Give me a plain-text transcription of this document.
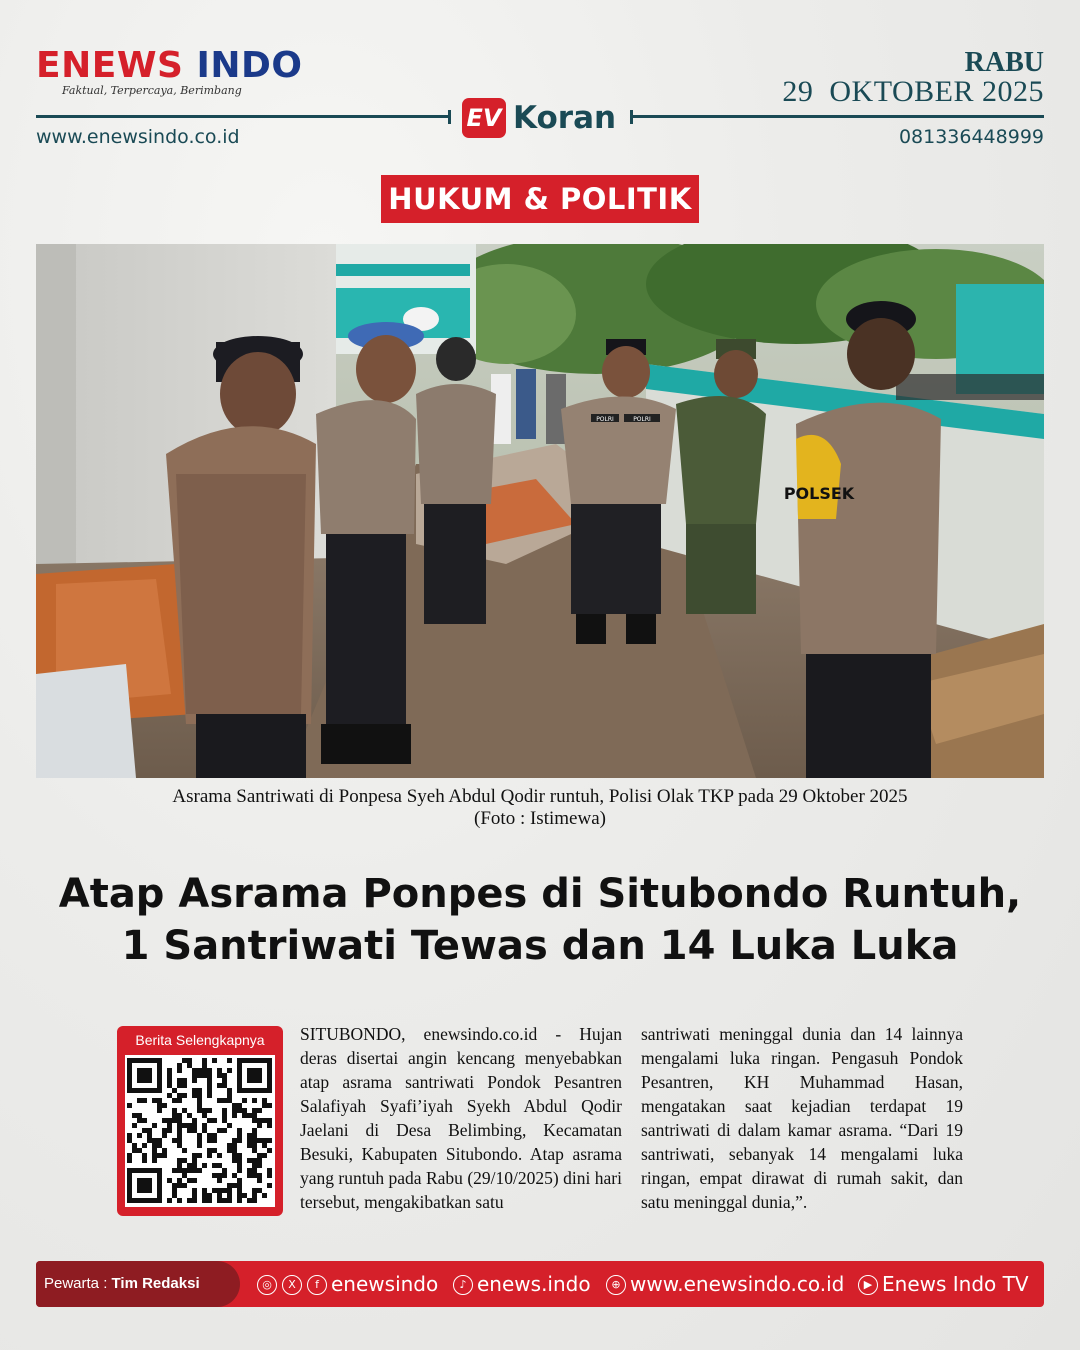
ENEWS INDO
Faktual, Terpercaya, Berimbang
RABU
29  OKTOBER 2025
EV Koran
www.enewsindo.co.id	081336448999
HUKUM & POLITIK
POLSEK
POLRI
POLRI
Asrama Santriwati di Ponpesa Syeh Abdul Qodir runtuh, Polisi Olak TKP pada 29 Oktober 2025
(Foto : Istimewa)
Atap Asrama Ponpes di Situbondo Runtuh,
1 Santriwati Tewas dan 14 Luka Luka
Berita Selengkapnya	SITUBONDO, enewsindo.co.id - Hujan deras disertai angin kencang menyebabkan atap asrama santriwati Pondok Pesantren Salafiyah Syafi’iyah Syekh Abdul Qodir Jaelani di Desa Belimbing, Kecamatan Besuki, Kabupaten Situbondo. Atap asrama yang runtuh pada Rabu (29/10/2025) dini hari tersebut, mengakibatkan satu
santriwati meninggal dunia dan 14 lainnya mengalami luka ringan. Pengasuh Pondok Pesantren, KH Muhammad Hasan, mengatakan saat kejadian terdapat 19 santriwati di dalam kamar asrama. “Dari 19 santriwati, sebanyak 14 mengalami luka ringan, empat dirawat di rumah sakit, dan satu meninggal dunia,”.
Pewarta : Tim Redaksi	◎	X	f enewsindo	♪ enews.indo	⊕ www.enewsindo.co.id	▶ Enews Indo TV
